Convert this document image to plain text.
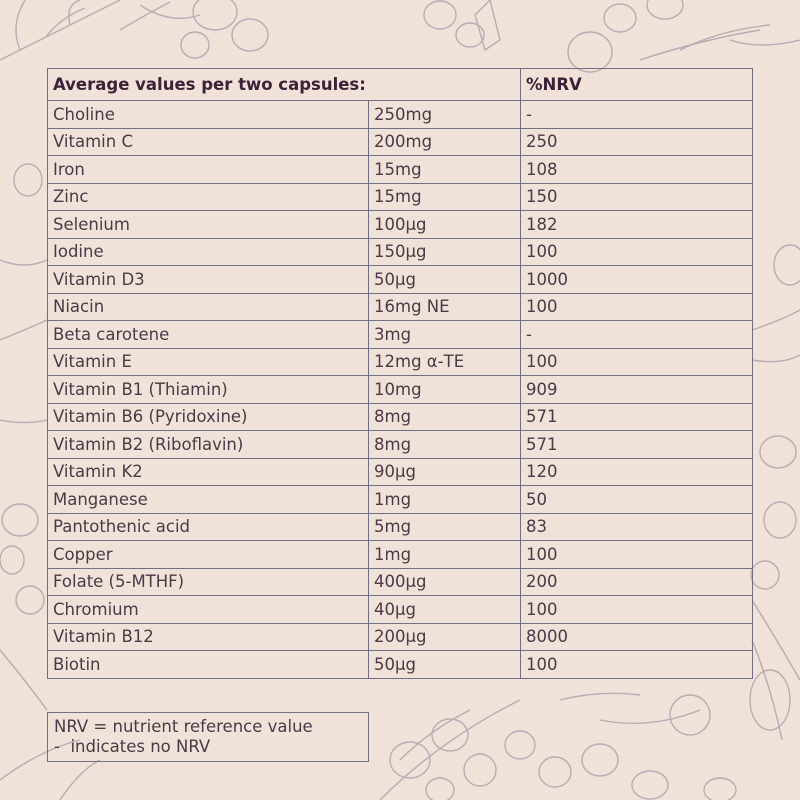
Average values per two capsules:		%NRV
Choline	250mg	-
Vitamin C	200mg	250
Iron	15mg	108
Zinc	15mg	150
Selenium	100µg	182
Iodine	150µg	100
Vitamin D3	50µg	1000
Niacin	16mg NE	100
Beta carotene	3mg	-
Vitamin E	12mg α-TE	100
Vitamin B1 (Thiamin)	10mg	909
Vitamin B6 (Pyridoxine)	8mg	571
Vitamin B2 (Riboflavin)	8mg	571
Vitamin K2	90µg	120
Manganese	1mg	50
Pantothenic acid	5mg	83
Copper	1mg	100
Folate (5-MTHF)	400µg	200
Chromium	40µg	100
Vitamin B12	200µg	8000
Biotin	50µg	100
NRV = nutrient reference value
-  indicates no NRV
